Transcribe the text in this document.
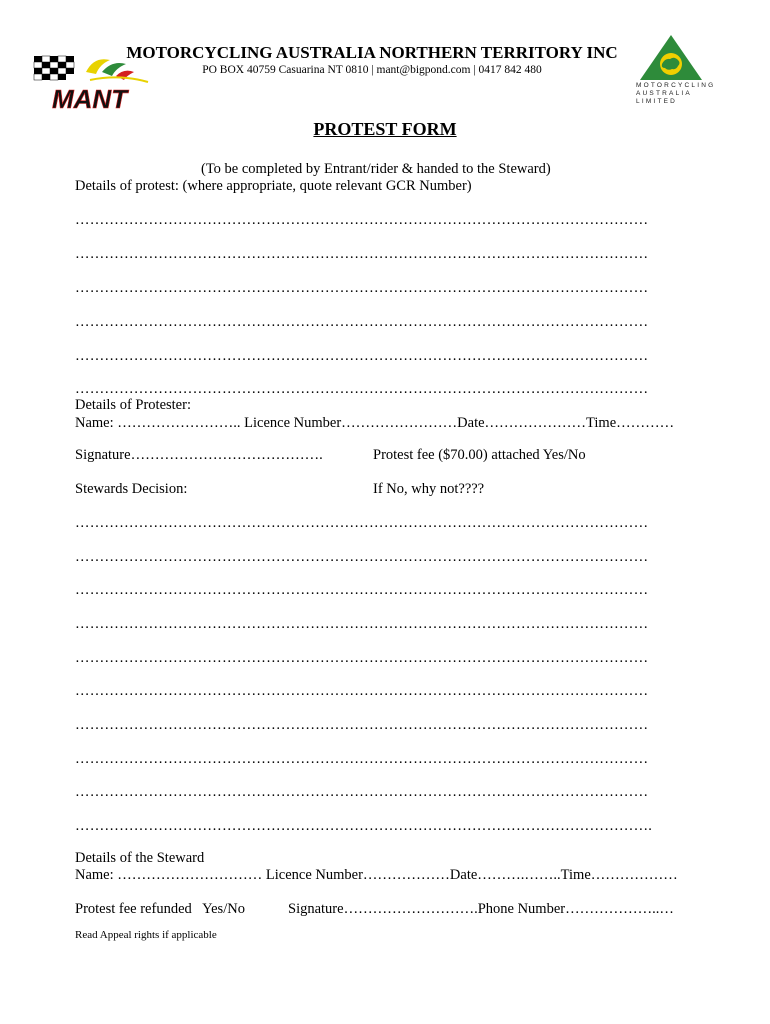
MANT
MOTORCYCLING AUSTRALIA NORTHERN TERRITORY INC
PO BOX 40759 Casuarina NT 0810 | mant@bigpond.com | 0417 842 480
MOTORCYCLING AUSTRALIA LIMITED
PROTEST FORM
(To be completed by Entrant/rider & handed to the Steward)
Details of protest: (where appropriate, quote relevant GCR Number)
………………………………………………………………………………………………………
………………………………………………………………………………………………………
………………………………………………………………………………………………………
………………………………………………………………………………………………………
………………………………………………………………………………………………………
………………………………………………………………………………………………………
Details of Protester:
Name: …………………….. Licence Number……………………Date…………………Time…………
Signature………………………………….	Protest fee ($70.00) attached Yes/No
Stewards Decision:	If No, why not????
………………………………………………………………………………………………………
………………………………………………………………………………………………………
………………………………………………………………………………………………………
………………………………………………………………………………………………………
………………………………………………………………………………………………………
………………………………………………………………………………………………………
………………………………………………………………………………………………………
………………………………………………………………………………………………………
………………………………………………………………………………………………………
……………………………………………………………………………………………………….
Details of the Steward
Name: ………………………… Licence Number………………Date……….……..Time………………
Protest fee refunded   Yes/No	Signature……………………….Phone Number………………..…
Read Appeal rights if applicable
